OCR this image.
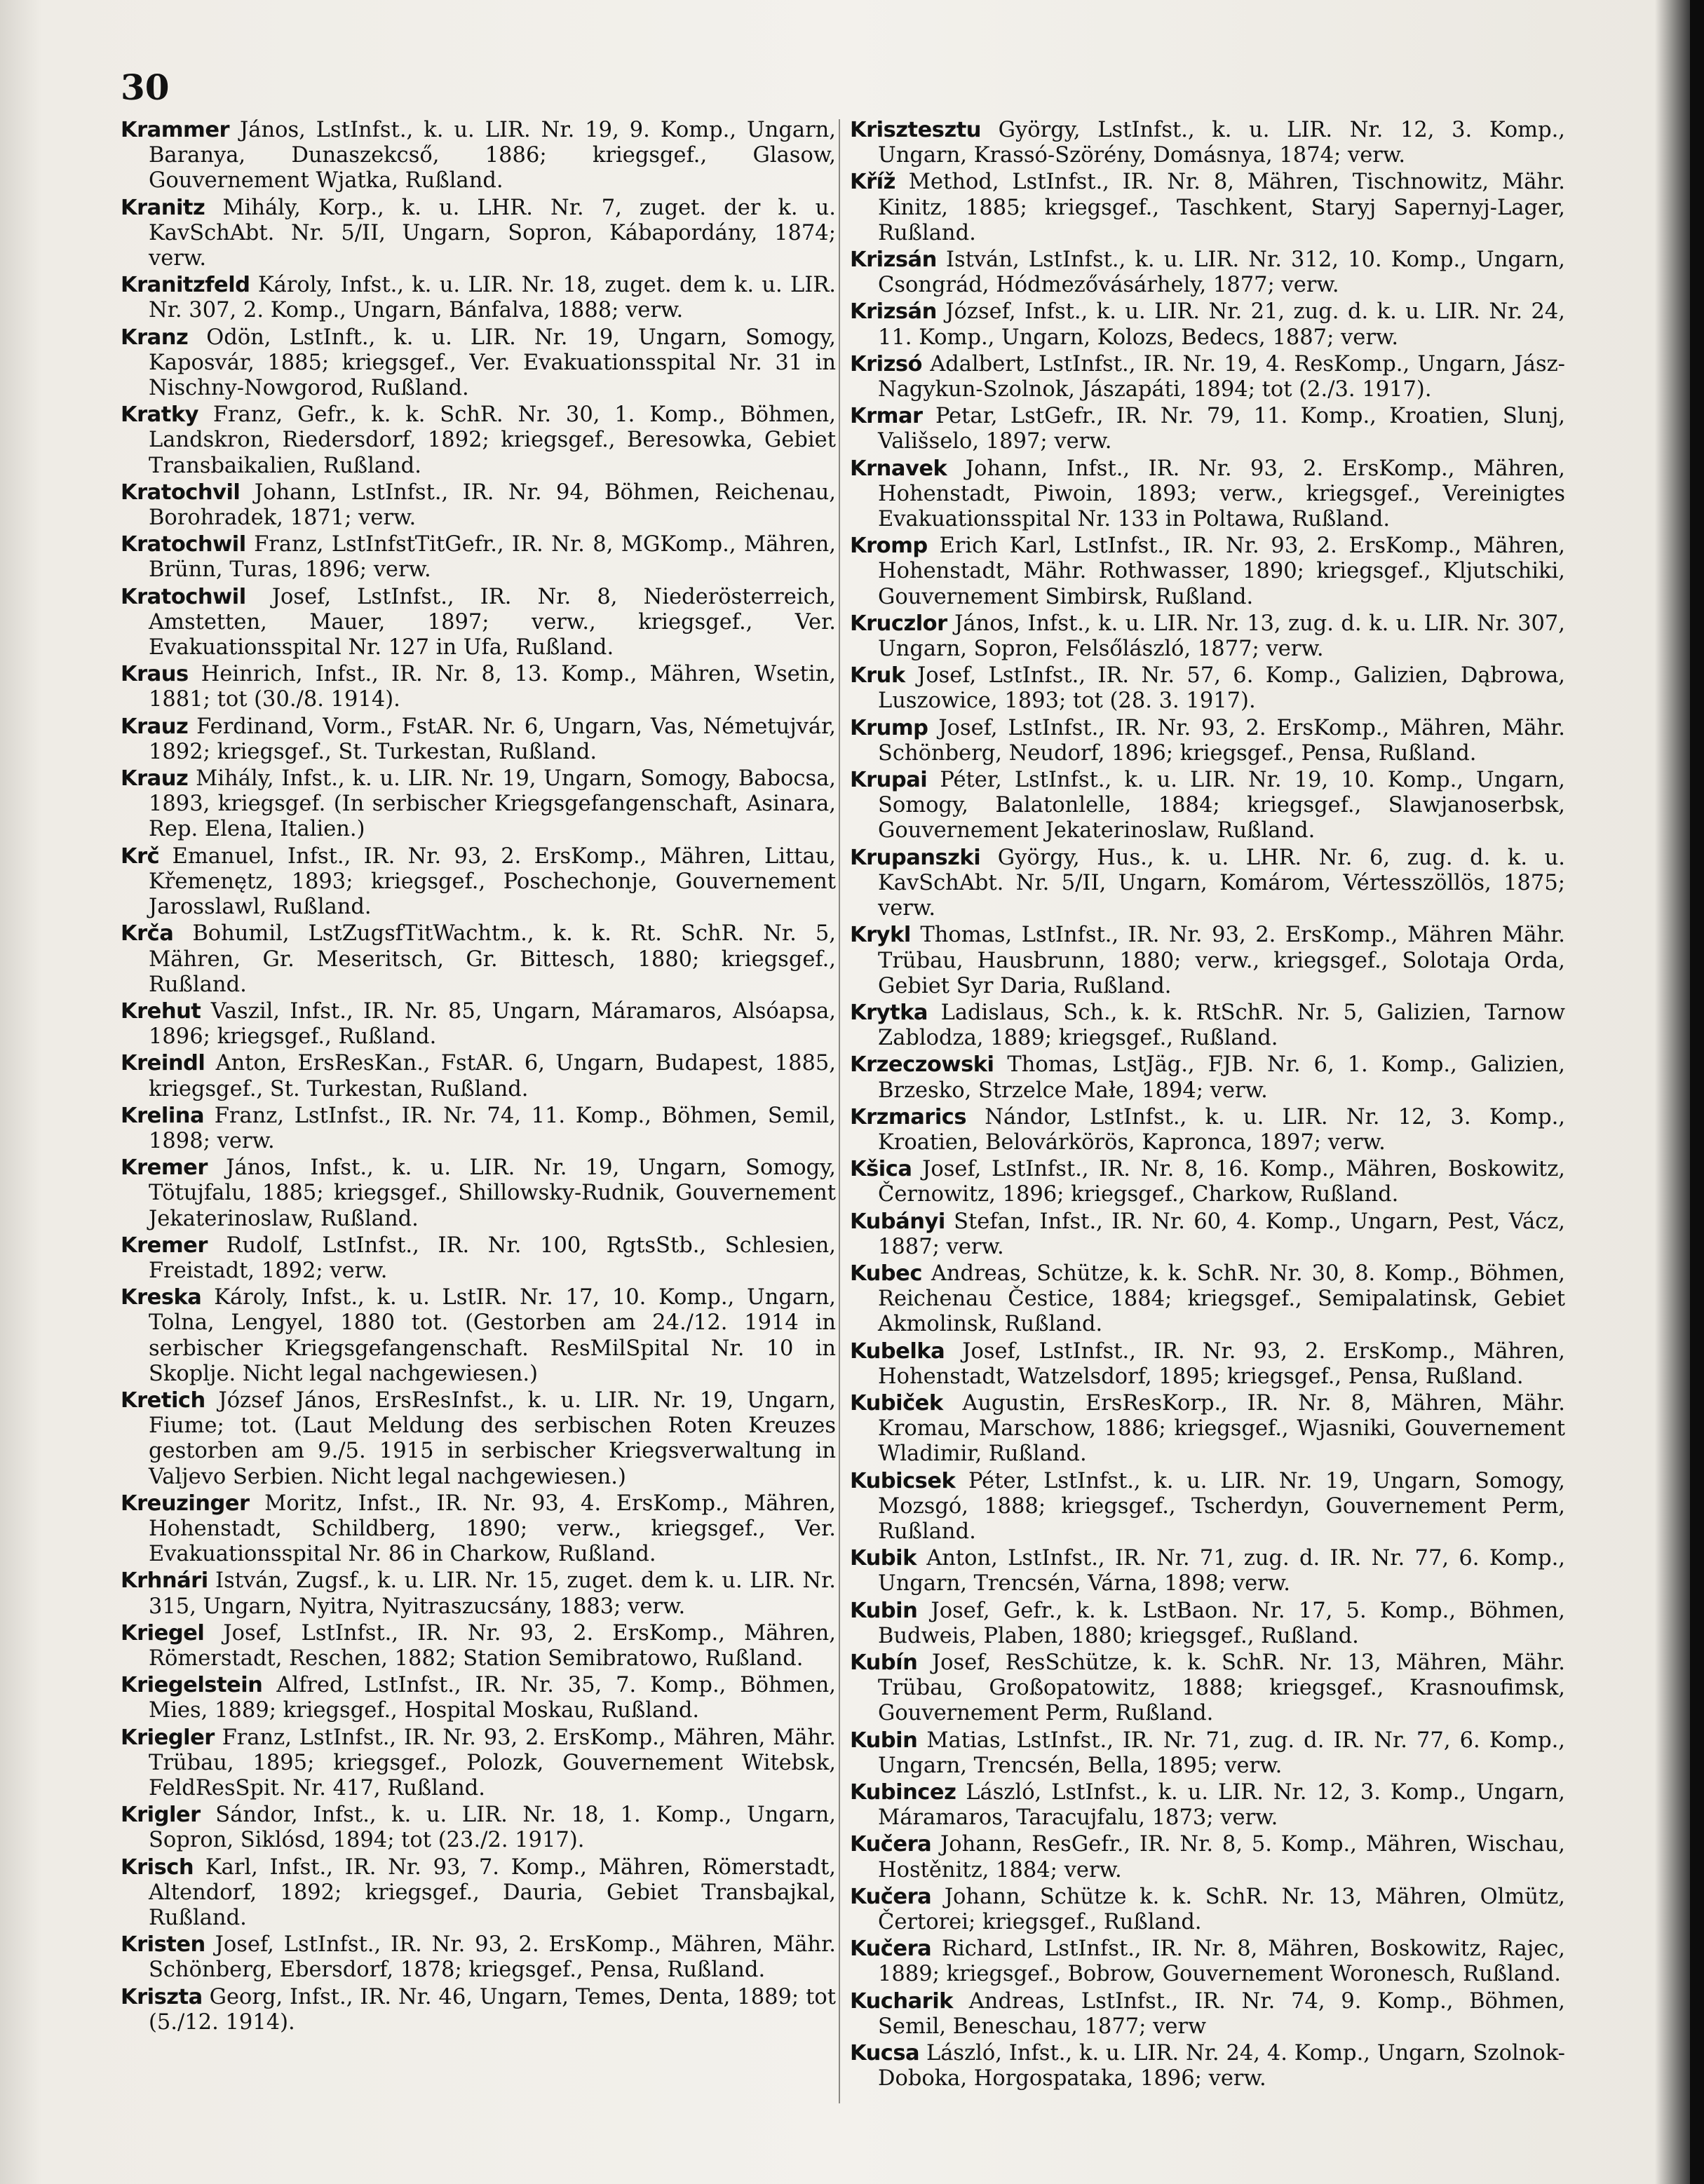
30
Krammer János, LstInfst., k. u. LIR. Nr. 19, 9. Komp., Ungarn, Baranya, Dunaszekcső, 1886; kriegsgef., Glasow, Gouvernement Wjatka, Rußland.
Kranitz Mihály, Korp., k. u. LHR. Nr. 7, zuget. der k. u. KavSchAbt. Nr. 5/II, Ungarn, Sopron, Kábapordány, 1874; verw.
Kranitzfeld Károly, Infst., k. u. LIR. Nr. 18, zuget. dem k. u. LIR. Nr. 307, 2. Komp., Ungarn, Bánfalva, 1888; verw.
Kranz Odön, LstInft., k. u. LIR. Nr. 19, Ungarn, Somogy, Kaposvár, 1885; kriegsgef., Ver. Evakuationsspital Nr. 31 in Nischny-Nowgorod, Rußland.
Kratky Franz, Gefr., k. k. SchR. Nr. 30, 1. Komp., Böhmen, Landskron, Riedersdorf, 1892; kriegsgef., Beresowka, Gebiet Transbaikalien, Rußland.
Kratochvil Johann, LstInfst., IR. Nr. 94, Böhmen, Reichenau, Borohradek, 1871; verw.
Kratochwil Franz, LstInfstTitGefr., IR. Nr. 8, MGKomp., Mähren, Brünn, Turas, 1896; verw.
Kratochwil Josef, LstInfst., IR. Nr. 8, Niederösterreich, Amstetten, Mauer, 1897; verw., kriegsgef., Ver. Evakuationsspital Nr. 127 in Ufa, Rußland.
Kraus Heinrich, Infst., IR. Nr. 8, 13. Komp., Mähren, Wsetin, 1881; tot (30./8. 1914).
Krauz Ferdinand, Vorm., FstAR. Nr. 6, Ungarn, Vas, Németujvár, 1892; kriegsgef., St. Turkestan, Rußland.
Krauz Mihály, Infst., k. u. LIR. Nr. 19, Ungarn, Somogy, Babocsa, 1893, kriegsgef. (In serbischer Kriegsgefangenschaft, Asinara, Rep. Elena, Italien.)
Krč Emanuel, Infst., IR. Nr. 93, 2. ErsKomp., Mähren, Littau, Křemenętz, 1893; kriegsgef., Poschechonje, Gouvernement Jarosslawl, Rußland.
Krča Bohumil, LstZugsfTitWachtm., k. k. Rt. SchR. Nr. 5, Mähren, Gr. Meseritsch, Gr. Bittesch, 1880; kriegsgef., Rußland.
Krehut Vaszil, Infst., IR. Nr. 85, Ungarn, Máramaros, Alsóapsa, 1896; kriegsgef., Rußland.
Kreindl Anton, ErsResKan., FstAR. 6, Ungarn, Budapest, 1885, kriegsgef., St. Turkestan, Rußland.
Krelina Franz, LstInfst., IR. Nr. 74, 11. Komp., Böhmen, Semil, 1898; verw.
Kremer János, Infst., k. u. LIR. Nr. 19, Ungarn, Somogy, Tötujfalu, 1885; kriegsgef., Shillowsky-Rudnik, Gouvernement Jekaterinoslaw, Rußland.
Kremer Rudolf, LstInfst., IR. Nr. 100, RgtsStb., Schlesien, Freistadt, 1892; verw.
Kreska Károly, Infst., k. u. LstIR. Nr. 17, 10. Komp., Ungarn, Tolna, Lengyel, 1880 tot. (Gestorben am 24./12. 1914 in serbischer Kriegsgefangenschaft. ResMilSpital Nr. 10 in Skoplje. Nicht legal nachgewiesen.)
Kretich József János, ErsResInfst., k. u. LIR. Nr. 19, Ungarn, Fiume; tot. (Laut Meldung des serbischen Roten Kreuzes gestorben am 9./5. 1915 in serbischer Kriegsverwaltung in Valjevo Serbien. Nicht legal nachgewiesen.)
Kreuzinger Moritz, Infst., IR. Nr. 93, 4. ErsKomp., Mähren, Hohenstadt, Schildberg, 1890; verw., kriegsgef., Ver. Evakuationsspital Nr. 86 in Charkow, Rußland.
Krhnári István, Zugsf., k. u. LIR. Nr. 15, zuget. dem k. u. LIR. Nr. 315, Ungarn, Nyitra, Nyitraszucsány, 1883; verw.
Kriegel Josef, LstInfst., IR. Nr. 93, 2. ErsKomp., Mähren, Römerstadt, Reschen, 1882; Station Semibratowo, Rußland.
Kriegelstein Alfred, LstInfst., IR. Nr. 35, 7. Komp., Böhmen, Mies, 1889; kriegsgef., Hospital Moskau, Rußland.
Kriegler Franz, LstInfst., IR. Nr. 93, 2. ErsKomp., Mähren, Mähr. Trübau, 1895; kriegsgef., Polozk, Gouvernement Witebsk, FeldResSpit. Nr. 417, Rußland.
Krigler Sándor, Infst., k. u. LIR. Nr. 18, 1. Komp., Ungarn, Sopron, Siklósd, 1894; tot (23./2. 1917).
Krisch Karl, Infst., IR. Nr. 93, 7. Komp., Mähren, Römerstadt, Altendorf, 1892; kriegsgef., Dauria, Gebiet Transbajkal, Rußland.
Kristen Josef, LstInfst., IR. Nr. 93, 2. ErsKomp., Mähren, Mähr. Schönberg, Ebersdorf, 1878; kriegsgef., Pensa, Rußland.
Kriszta Georg, Infst., IR. Nr. 46, Ungarn, Temes, Denta, 1889; tot (5./12. 1914).
Krisztesztu György, LstInfst., k. u. LIR. Nr. 12, 3. Komp., Ungarn, Krassó-Szörény, Domásnya, 1874; verw.
Kříž Method, LstInfst., IR. Nr. 8, Mähren, Tischnowitz, Mähr. Kinitz, 1885; kriegsgef., Taschkent, Staryj Sapernyj-Lager, Rußland.
Krizsán István, LstInfst., k. u. LIR. Nr. 312, 10. Komp., Ungarn, Csongrád, Hódmezővásárhely, 1877; verw.
Krizsán József, Infst., k. u. LIR. Nr. 21, zug. d. k. u. LIR. Nr. 24, 11. Komp., Ungarn, Kolozs, Bedecs, 1887; verw.
Krizsó Adalbert, LstInfst., IR. Nr. 19, 4. ResKomp., Ungarn, Jász-Nagykun-Szolnok, Jászapáti, 1894; tot (2./3. 1917).
Krmar Petar, LstGefr., IR. Nr. 79, 11. Komp., Kroatien, Slunj, Vališselo, 1897; verw.
Krnavek Johann, Infst., IR. Nr. 93, 2. ErsKomp., Mähren, Hohenstadt, Piwoin, 1893; verw., kriegsgef., Vereinigtes Evakuationsspital Nr. 133 in Poltawa, Rußland.
Kromp Erich Karl, LstInfst., IR. Nr. 93, 2. ErsKomp., Mähren, Hohenstadt, Mähr. Rothwasser, 1890; kriegsgef., Kljutschiki, Gouvernement Simbirsk, Rußland.
Kruczlor János, Infst., k. u. LIR. Nr. 13, zug. d. k. u. LIR. Nr. 307, Ungarn, Sopron, Felsőlászló, 1877; verw.
Kruk Josef, LstInfst., IR. Nr. 57, 6. Komp., Galizien, Dąbrowa, Luszowice, 1893; tot (28. 3. 1917).
Krump Josef, LstInfst., IR. Nr. 93, 2. ErsKomp., Mähren, Mähr. Schönberg, Neudorf, 1896; kriegsgef., Pensa, Rußland.
Krupai Péter, LstInfst., k. u. LIR. Nr. 19, 10. Komp., Ungarn, Somogy, Balatonlelle, 1884; kriegsgef., Slawjanoserbsk, Gouvernement Jekaterinoslaw, Rußland.
Krupanszki György, Hus., k. u. LHR. Nr. 6, zug. d. k. u. KavSchAbt. Nr. 5/II, Ungarn, Komárom, Vértesszöllös, 1875; verw.
Krykl Thomas, LstInfst., IR. Nr. 93, 2. ErsKomp., Mähren Mähr. Trübau, Hausbrunn, 1880; verw., kriegsgef., Solotaja Orda, Gebiet Syr Daria, Rußland.
Krytka Ladislaus, Sch., k. k. RtSchR. Nr. 5, Galizien, Tarnow Zablodza, 1889; kriegsgef., Rußland.
Krzeczowski Thomas, LstJäg., FJB. Nr. 6, 1. Komp., Galizien, Brzesko, Strzelce Małe, 1894; verw.
Krzmarics Nándor, LstInfst., k. u. LIR. Nr. 12, 3. Komp., Kroatien, Belovárkörös, Kapronca, 1897; verw.
Kšica Josef, LstInfst., IR. Nr. 8, 16. Komp., Mähren, Boskowitz, Černowitz, 1896; kriegsgef., Charkow, Rußland.
Kubányi Stefan, Infst., IR. Nr. 60, 4. Komp., Ungarn, Pest, Vácz, 1887; verw.
Kubec Andreas, Schütze, k. k. SchR. Nr. 30, 8. Komp., Böhmen, Reichenau Čestice, 1884; kriegsgef., Semipalatinsk, Gebiet Akmolinsk, Rußland.
Kubelka Josef, LstInfst., IR. Nr. 93, 2. ErsKomp., Mähren, Hohenstadt, Watzelsdorf, 1895; kriegsgef., Pensa, Rußland.
Kubiček Augustin, ErsResKorp., IR. Nr. 8, Mähren, Mähr. Kromau, Marschow, 1886; kriegsgef., Wjasniki, Gouvernement Wladimir, Rußland.
Kubicsek Péter, LstInfst., k. u. LIR. Nr. 19, Ungarn, Somogy, Mozsgó, 1888; kriegsgef., Tscherdyn, Gouvernement Perm, Rußland.
Kubik Anton, LstInfst., IR. Nr. 71, zug. d. IR. Nr. 77, 6. Komp., Ungarn, Trencsén, Várna, 1898; verw.
Kubin Josef, Gefr., k. k. LstBaon. Nr. 17, 5. Komp., Böhmen, Budweis, Plaben, 1880; kriegsgef., Rußland.
Kubín Josef, ResSchütze, k. k. SchR. Nr. 13, Mähren, Mähr. Trübau, Großopatowitz, 1888; kriegsgef., Krasnoufimsk, Gouvernement Perm, Rußland.
Kubin Matias, LstInfst., IR. Nr. 71, zug. d. IR. Nr. 77, 6. Komp., Ungarn, Trencsén, Bella, 1895; verw.
Kubincez László, LstInfst., k. u. LIR. Nr. 12, 3. Komp., Ungarn, Máramaros, Taracujfalu, 1873; verw.
Kučera Johann, ResGefr., IR. Nr. 8, 5. Komp., Mähren, Wischau, Hostěnitz, 1884; verw.
Kučera Johann, Schütze k. k. SchR. Nr. 13, Mähren, Olmütz, Čertorei; kriegsgef., Rußland.
Kučera Richard, LstInfst., IR. Nr. 8, Mähren, Boskowitz, Rajec, 1889; kriegsgef., Bobrow, Gouvernement Woronesch, Rußland.
Kucharik Andreas, LstInfst., IR. Nr. 74, 9. Komp., Böhmen, Semil, Beneschau, 1877; verw
Kucsa László, Infst., k. u. LIR. Nr. 24, 4. Komp., Ungarn, Szolnok-Doboka, Horgospataka, 1896; verw.
